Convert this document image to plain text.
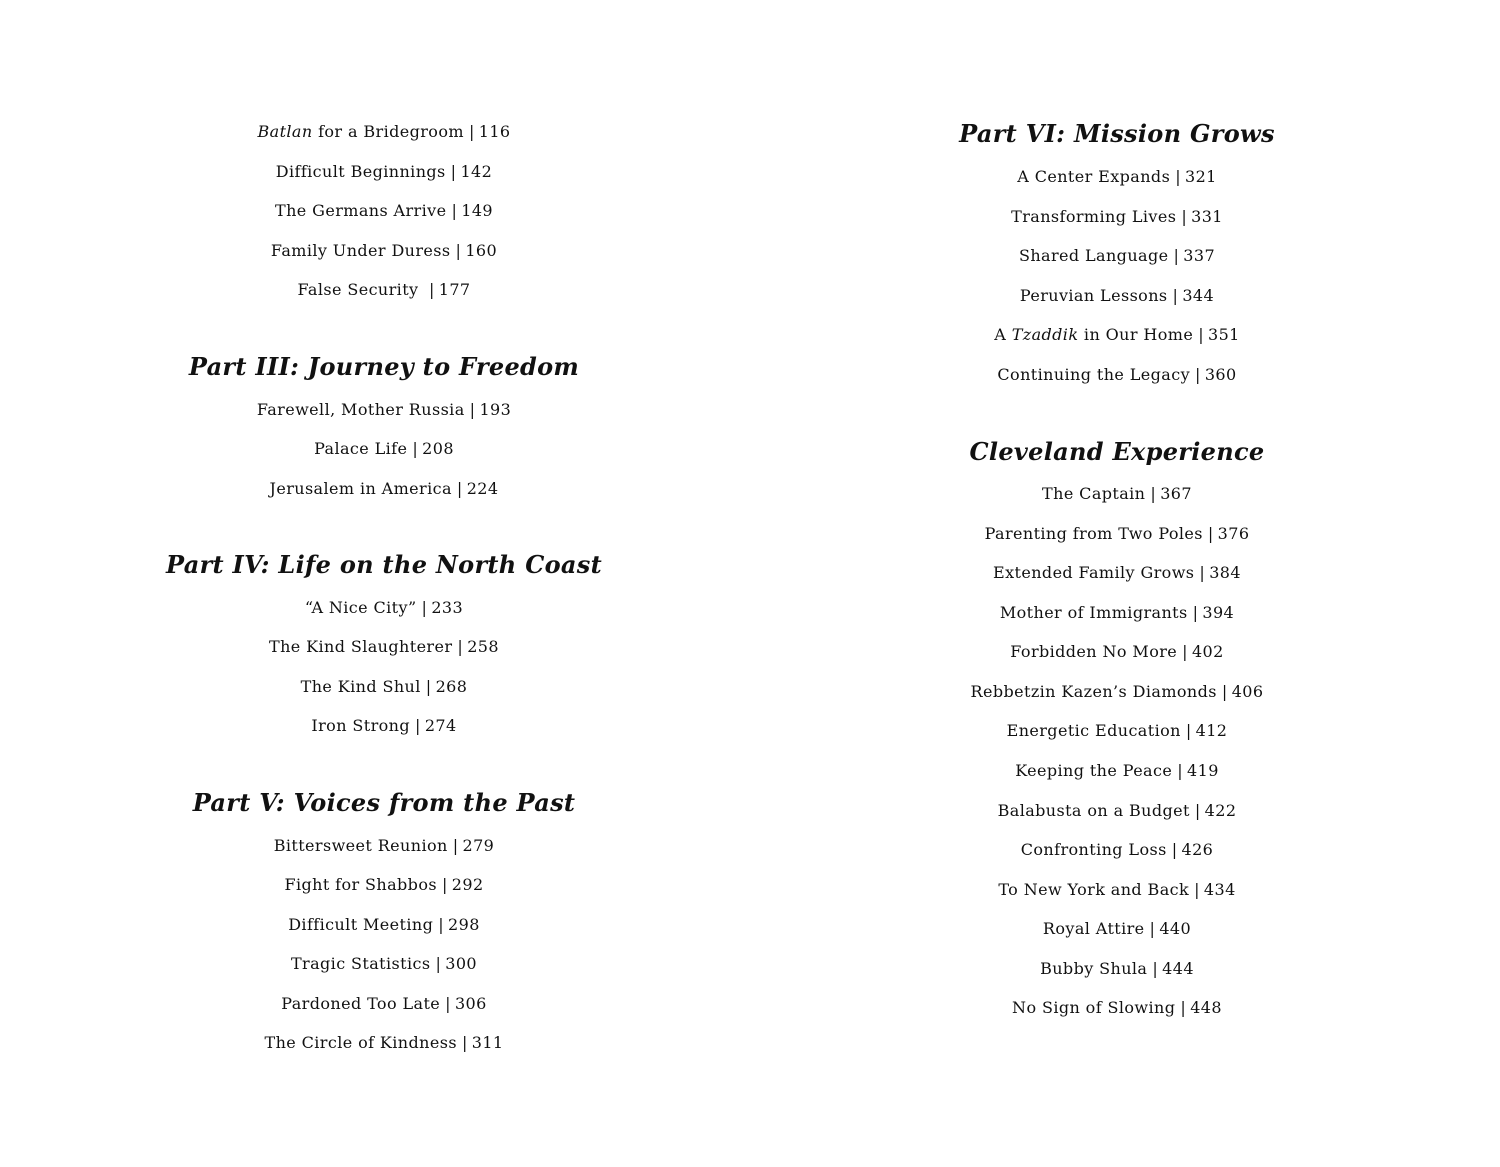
Batlan for a Bridegroom | 116
Difficult Beginnings | 142
The Germans Arrive | 149
Family Under Duress | 160
False Security | 177
Part III: Journey to Freedom
Farewell, Mother Russia | 193
Palace Life | 208
Jerusalem in America | 224
Part IV: Life on the North Coast
“A Nice City” | 233
The Kind Slaughterer | 258
The Kind Shul | 268
Iron Strong | 274
Part V: Voices from the Past
Bittersweet Reunion | 279
Fight for Shabbos | 292
Difficult Meeting | 298
Tragic Statistics | 300
Pardoned Too Late | 306
The Circle of Kindness | 311
Part VI: Mission Grows
A Center Expands | 321
Transforming Lives | 331
Shared Language | 337
Peruvian Lessons | 344
A Tzaddik in Our Home | 351
Continuing the Legacy | 360
Cleveland Experience
The Captain | 367
Parenting from Two Poles | 376
Extended Family Grows | 384
Mother of Immigrants | 394
Forbidden No More | 402
Rebbetzin Kazen’s Diamonds | 406
Energetic Education | 412
Keeping the Peace | 419
Balabusta on a Budget | 422
Confronting Loss | 426
To New York and Back | 434
Royal Attire | 440
Bubby Shula | 444
No Sign of Slowing | 448
